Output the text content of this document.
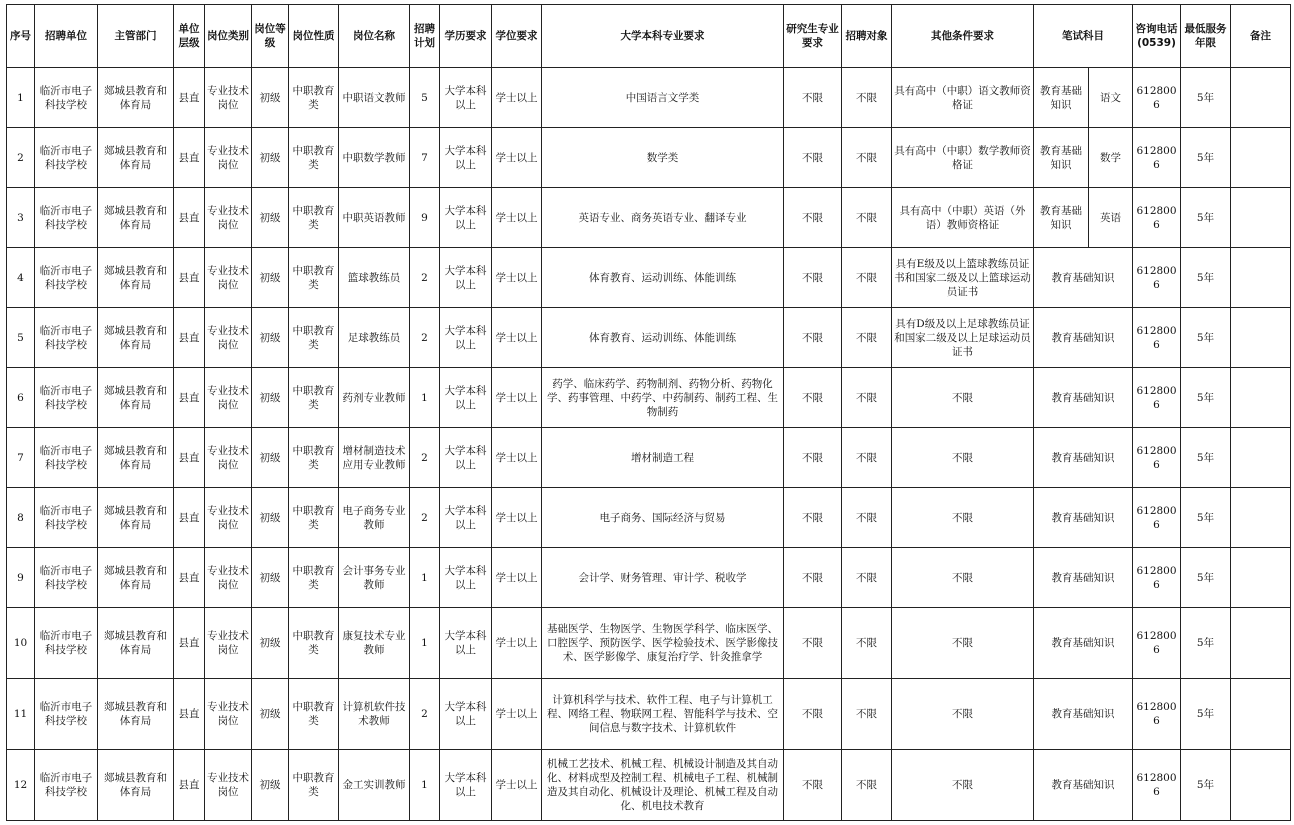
序号	招聘单位	主管部门	单位层级	岗位类别	岗位等级	岗位性质	岗位名称	招聘计划	学历要求	学位要求	大学本科专业要求	研究生专业要求	招聘对象	其他条件要求	笔试科目		咨询电话(0539)	最低服务年限	备注
1	临沂市电子科技学校	郯城县教育和体育局	县直	专业技术岗位	初级	中职教育类	中职语文教师	5	大学本科以上	学士以上	中国语言文学类	不限	不限	具有高中（中职）语文教师资格证	教育基础知识	语文	6128006	5年	
2	临沂市电子科技学校	郯城县教育和体育局	县直	专业技术岗位	初级	中职教育类	中职数学教师	7	大学本科以上	学士以上	数学类	不限	不限	具有高中（中职）数学教师资格证	教育基础知识	数学	6128006	5年	
3	临沂市电子科技学校	郯城县教育和体育局	县直	专业技术岗位	初级	中职教育类	中职英语教师	9	大学本科以上	学士以上	英语专业、商务英语专业、翻译专业	不限	不限	具有高中（中职）英语（外语）教师资格证	教育基础知识	英语	6128006	5年	
4	临沂市电子科技学校	郯城县教育和体育局	县直	专业技术岗位	初级	中职教育类	篮球教练员	2	大学本科以上	学士以上	体育教育、运动训练、体能训练	不限	不限	具有E级及以上篮球教练员证书和国家二级及以上篮球运动员证书	教育基础知识		6128006	5年	
5	临沂市电子科技学校	郯城县教育和体育局	县直	专业技术岗位	初级	中职教育类	足球教练员	2	大学本科以上	学士以上	体育教育、运动训练、体能训练	不限	不限	具有D级及以上足球教练员证和国家二级及以上足球运动员证书	教育基础知识		6128006	5年	
6	临沂市电子科技学校	郯城县教育和体育局	县直	专业技术岗位	初级	中职教育类	药剂专业教师	1	大学本科以上	学士以上	药学、临床药学、药物制剂、药物分析、药物化学、药事管理、中药学、中药制药、制药工程、生物制药	不限	不限	不限	教育基础知识		6128006	5年	
7	临沂市电子科技学校	郯城县教育和体育局	县直	专业技术岗位	初级	中职教育类	增材制造技术应用专业教师	2	大学本科以上	学士以上	增材制造工程	不限	不限	不限	教育基础知识		6128006	5年	
8	临沂市电子科技学校	郯城县教育和体育局	县直	专业技术岗位	初级	中职教育类	电子商务专业教师	2	大学本科以上	学士以上	电子商务、国际经济与贸易	不限	不限	不限	教育基础知识		6128006	5年	
9	临沂市电子科技学校	郯城县教育和体育局	县直	专业技术岗位	初级	中职教育类	会计事务专业教师	1	大学本科以上	学士以上	会计学、财务管理、审计学、税收学	不限	不限	不限	教育基础知识		6128006	5年	
10	临沂市电子科技学校	郯城县教育和体育局	县直	专业技术岗位	初级	中职教育类	康复技术专业教师	1	大学本科以上	学士以上	基础医学、生物医学、生物医学科学、临床医学、口腔医学、预防医学、医学检验技术、医学影像技术、医学影像学、康复治疗学、针灸推拿学	不限	不限	不限	教育基础知识		6128006	5年	
11	临沂市电子科技学校	郯城县教育和体育局	县直	专业技术岗位	初级	中职教育类	计算机软件技术教师	2	大学本科以上	学士以上	计算机科学与技术、软件工程、电子与计算机工程、网络工程、物联网工程、智能科学与技术、空间信息与数字技术、计算机软件	不限	不限	不限	教育基础知识		6128006	5年	
12	临沂市电子科技学校	郯城县教育和体育局	县直	专业技术岗位	初级	中职教育类	金工实训教师	1	大学本科以上	学士以上	机械工艺技术、机械工程、机械设计制造及其自动化、材料成型及控制工程、机械电子工程、机械制造及其自动化、机械设计及理论、机械工程及自动化、机电技术教育	不限	不限	不限	教育基础知识		6128006	5年	
